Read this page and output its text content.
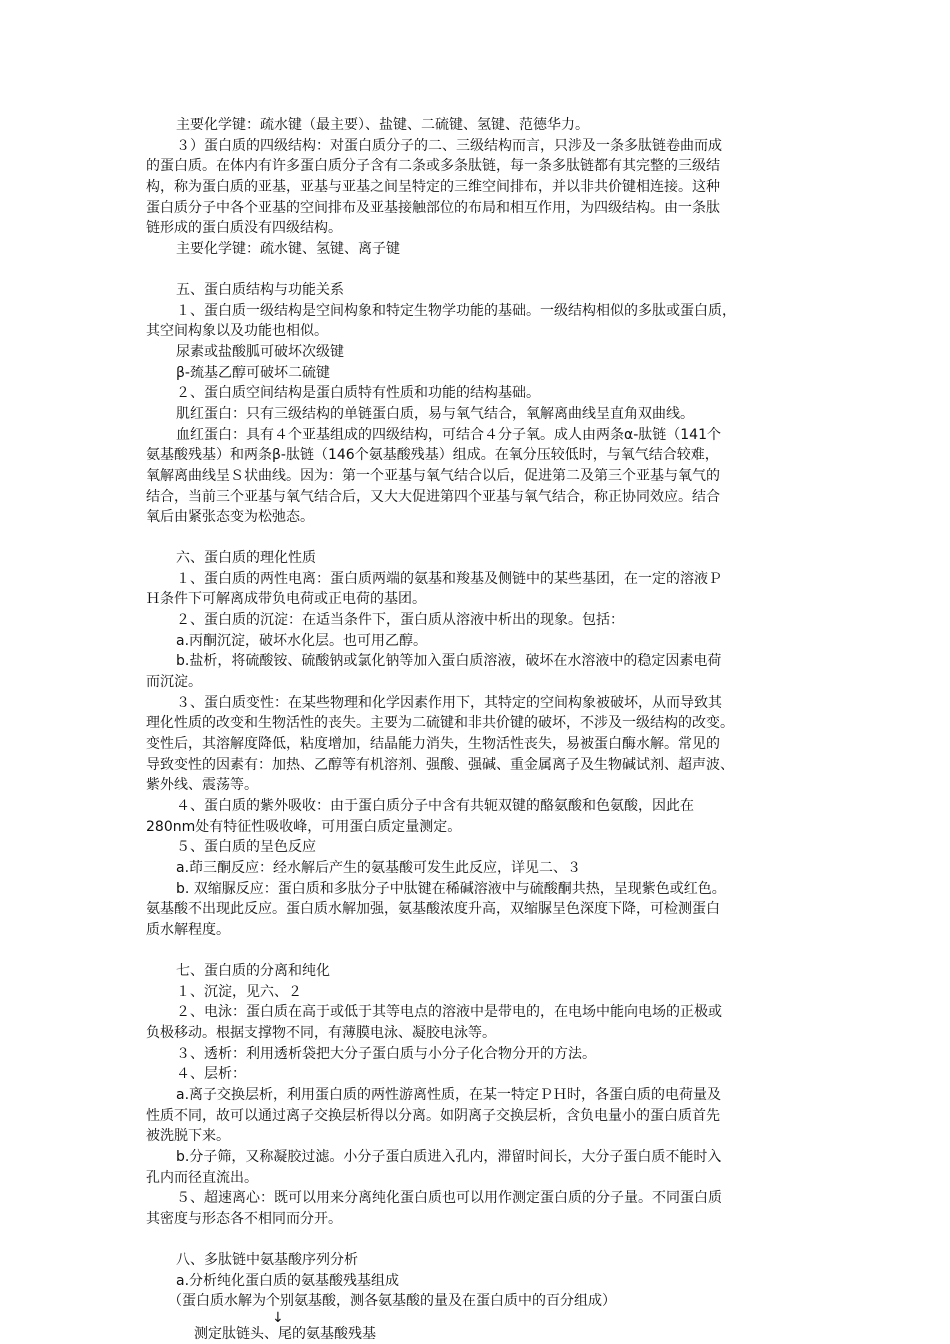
主要化学键：疏水键（最主要）、盐键、二硫键、氢键、范德华力。
３）蛋白质的四级结构：对蛋白质分子的二、三级结构而言，只涉及一条多肽链卷曲而成
的蛋白质。在体内有许多蛋白质分子含有二条或多条肽链，每一条多肽链都有其完整的三级结
构，称为蛋白质的亚基，亚基与亚基之间呈特定的三维空间排布，并以非共价键相连接。这种
蛋白质分子中各个亚基的空间排布及亚基接触部位的布局和相互作用，为四级结构。由一条肽
链形成的蛋白质没有四级结构。
主要化学键：疏水键、氢键、离子键
五、蛋白质结构与功能关系
１、蛋白质一级结构是空间构象和特定生物学功能的基础。一级结构相似的多肽或蛋白质，
其空间构象以及功能也相似。
尿素或盐酸胍可破坏次级键
β-巯基乙醇可破坏二硫键
２、蛋白质空间结构是蛋白质特有性质和功能的结构基础。
肌红蛋白：只有三级结构的单链蛋白质，易与氧气结合，氧解离曲线呈直角双曲线。
血红蛋白：具有４个亚基组成的四级结构，可结合４分子氧。成人由两条α-肽链（141个
氨基酸残基）和两条β-肽链（146个氨基酸残基）组成。在氧分压较低时，与氧气结合较难，
氧解离曲线呈Ｓ状曲线。因为：第一个亚基与氧气结合以后，促进第二及第三个亚基与氧气的
结合，当前三个亚基与氧气结合后，又大大促进第四个亚基与氧气结合，称正协同效应。结合
氧后由紧张态变为松弛态。
六、蛋白质的理化性质
１、蛋白质的两性电离：蛋白质两端的氨基和羧基及侧链中的某些基团，在一定的溶液Ｐ
Ｈ条件下可解离成带负电荷或正电荷的基团。
２、蛋白质的沉淀：在适当条件下，蛋白质从溶液中析出的现象。包括：
a.丙酮沉淀，破坏水化层。也可用乙醇。
b.盐析，将硫酸铵、硫酸钠或氯化钠等加入蛋白质溶液，破坏在水溶液中的稳定因素电荷
而沉淀。
３、蛋白质变性：在某些物理和化学因素作用下，其特定的空间构象被破坏，从而导致其
理化性质的改变和生物活性的丧失。主要为二硫键和非共价键的破坏，不涉及一级结构的改变。
变性后，其溶解度降低，粘度增加，结晶能力消失，生物活性丧失，易被蛋白酶水解。常见的
导致变性的因素有：加热、乙醇等有机溶剂、强酸、强碱、重金属离子及生物碱试剂、超声波、
紫外线、震荡等。
４、蛋白质的紫外吸收：由于蛋白质分子中含有共轭双键的酪氨酸和色氨酸，因此在
280nm处有特征性吸收峰，可用蛋白质定量测定。
５、蛋白质的呈色反应
a.茚三酮反应：经水解后产生的氨基酸可发生此反应，详见二、３
b. 双缩脲反应：蛋白质和多肽分子中肽键在稀碱溶液中与硫酸酮共热，呈现紫色或红色。
氨基酸不出现此反应。蛋白质水解加强，氨基酸浓度升高，双缩脲呈色深度下降，可检测蛋白
质水解程度。
七、蛋白质的分离和纯化
１、沉淀，见六、２
２、电泳：蛋白质在高于或低于其等电点的溶液中是带电的，在电场中能向电场的正极或
负极移动。根据支撑物不同，有薄膜电泳、凝胶电泳等。
３、透析：利用透析袋把大分子蛋白质与小分子化合物分开的方法。
４、层析：
a.离子交换层析，利用蛋白质的两性游离性质，在某一特定ＰＨ时，各蛋白质的电荷量及
性质不同，故可以通过离子交换层析得以分离。如阴离子交换层析，含负电量小的蛋白质首先
被洗脱下来。
b.分子筛，又称凝胶过滤。小分子蛋白质进入孔内，滞留时间长，大分子蛋白质不能时入
孔内而径直流出。
５、超速离心：既可以用来分离纯化蛋白质也可以用作测定蛋白质的分子量。不同蛋白质
其密度与形态各不相同而分开。
八、多肽链中氨基酸序列分析
a.分析纯化蛋白质的氨基酸残基组成
（蛋白质水解为个别氨基酸，测各氨基酸的量及在蛋白质中的百分组成）
↓
测定肽链头、尾的氨基酸残基
